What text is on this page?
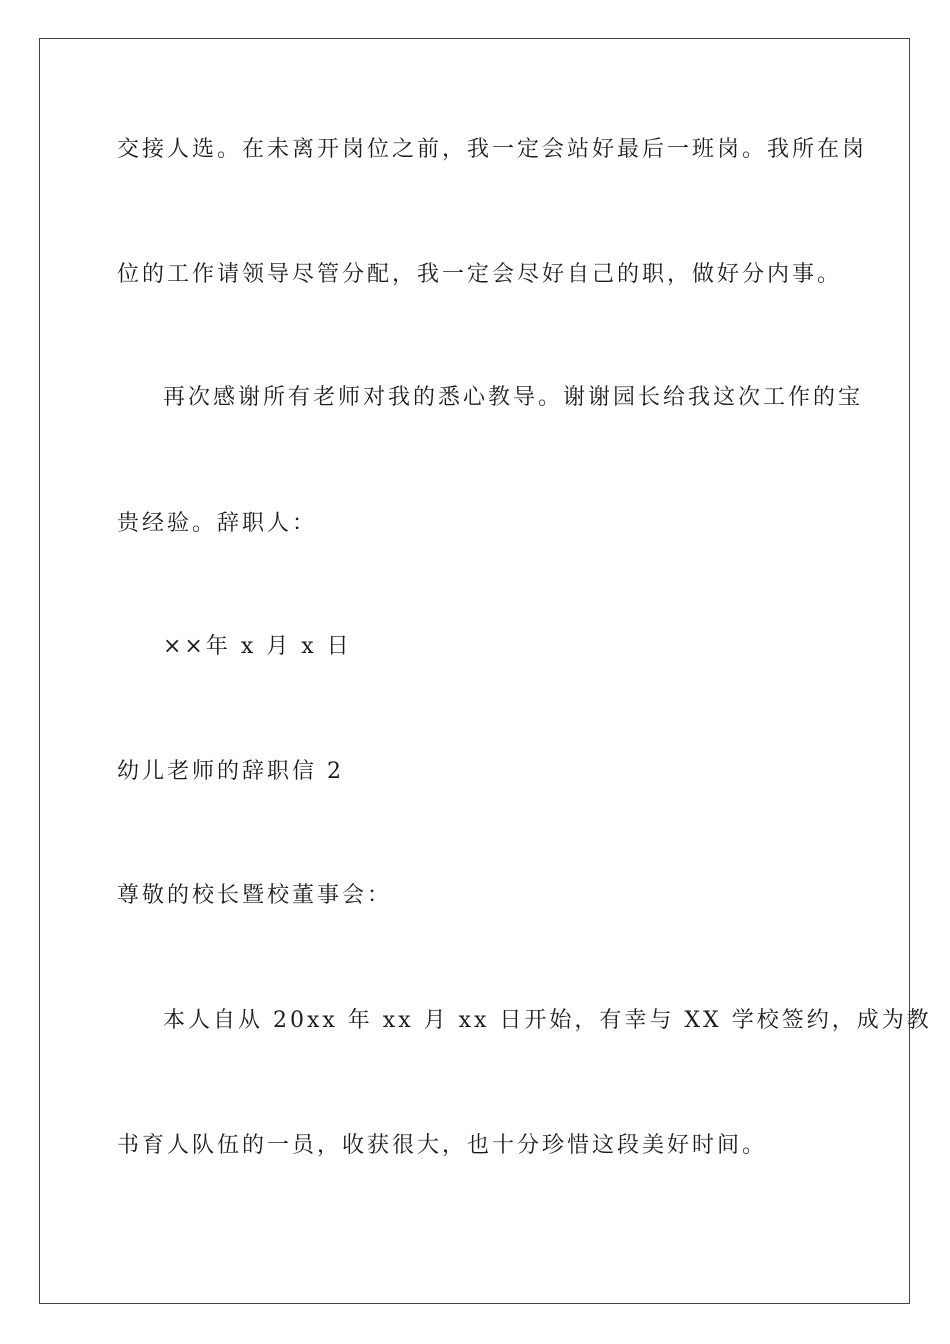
交接人选。在未离开岗位之前，我一定会站好最后一班岗。我所在岗
位的工作请领导尽管分配，我一定会尽好自己的职，做好分内事。
再次感谢所有老师对我的悉心教导。谢谢园长给我这次工作的宝
贵经验。辞职人：
××年 x 月 x 日
幼儿老师的辞职信 2
尊敬的校长暨校董事会：
本人自从 20xx 年 xx 月 xx 日开始，有幸与 XX 学校签约，成为教
书育人队伍的一员，收获很大，也十分珍惜这段美好时间。
